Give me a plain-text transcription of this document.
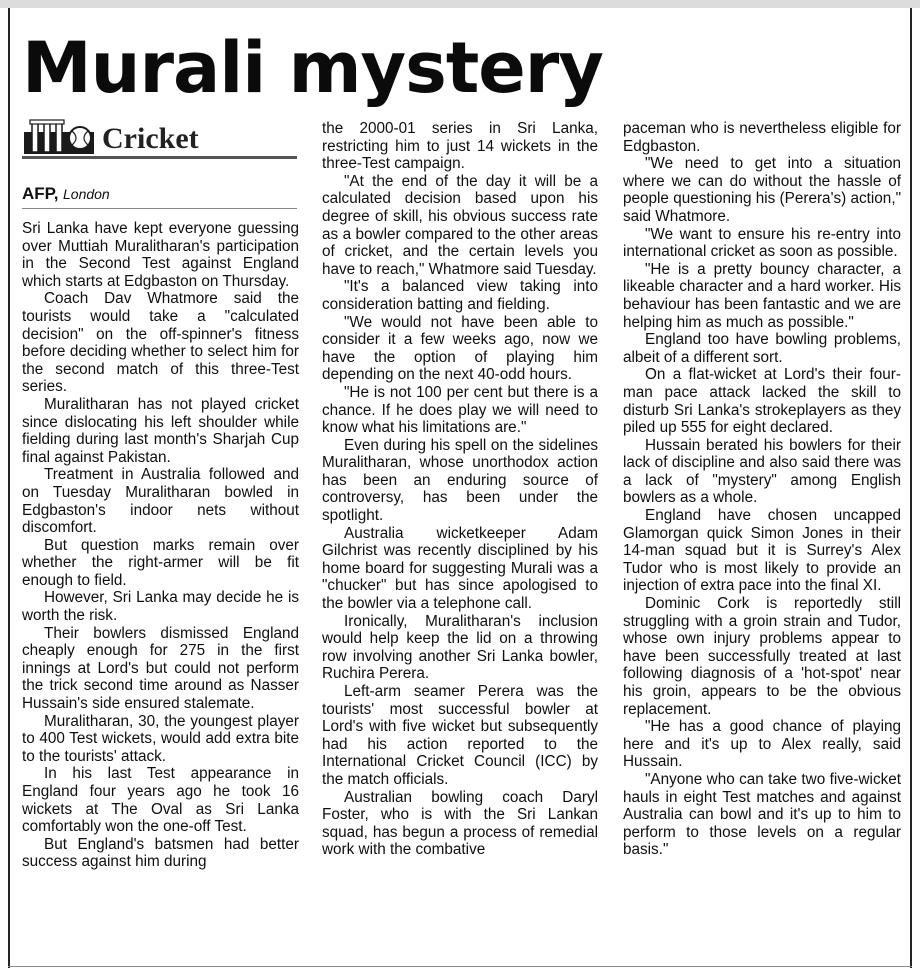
Murali mystery
Cricket
AFP, London

Sri Lanka have kept everyone guessing over Muttiah Muralitharan's participation in the Second Test against England which starts at Edgbaston on Thursday.

Coach Dav Whatmore said the tourists would take a "calculated decision" on the off-spinner's fitness before deciding whether to select him for the second match of this three-Test series.

Muralitharan has not played cricket since dislocating his left shoulder while fielding during last month's Sharjah Cup final against Pakistan.

Treatment in Australia followed and on Tuesday Muralitharan bowled in Edgbaston's indoor nets without discomfort.

But question marks remain over whether the right-armer will be fit enough to field.

However, Sri Lanka may decide he is worth the risk.

Their bowlers dismissed England cheaply enough for 275 in the first innings at Lord's but could not perform the trick second time around as Nasser Hussain's side ensured stalemate.

Muralitharan, 30, the youngest player to 400 Test wickets, would add extra bite to the tourists' attack.

In his last Test appearance in England four years ago he took 16 wickets at The Oval as Sri Lanka comfortably won the one-off Test.

But England's batsmen had better success against him during

the 2000-01 series in Sri Lanka, restricting him to just 14 wickets in the three-Test campaign.

"At the end of the day it will be a calculated decision based upon his degree of skill, his obvious success rate as a bowler compared to the other areas of cricket, and the certain levels you have to reach," Whatmore said Tuesday.

"It's a balanced view taking into consideration batting and fielding.

"We would not have been able to consider it a few weeks ago, now we have the option of playing him depending on the next 40-odd hours.

"He is not 100 per cent but there is a chance. If he does play we will need to know what his limitations are."

Even during his spell on the sidelines Muralitharan, whose unorthodox action has been an enduring source of controversy, has been under the spotlight.

Australia wicketkeeper Adam Gilchrist was recently disciplined by his home board for suggesting Murali was a "chucker" but has since apologised to the bowler via a telephone call.

Ironically, Muralitharan's inclusion would help keep the lid on a throwing row involving another Sri Lanka bowler, Ruchira Perera.

Left-arm seamer Perera was the tourists' most successful bowler at Lord's with five wicket but subsequently had his action reported to the International Cricket Council (ICC) by the match officials.

Australian bowling coach Daryl Foster, who is with the Sri Lankan squad, has begun a process of remedial work with the combative

paceman who is nevertheless eligible for Edgbaston.

"We need to get into a situation where we can do without the hassle of people questioning his (Perera's) action," said Whatmore.

"We want to ensure his re-entry into international cricket as soon as possible.

"He is a pretty bouncy character, a likeable character and a hard worker. His behaviour has been fantastic and we are helping him as much as possible."

England too have bowling problems, albeit of a different sort.

On a flat-wicket at Lord's their four-man pace attack lacked the skill to disturb Sri Lanka's strokeplayers as they piled up 555 for eight declared.

Hussain berated his bowlers for their lack of discipline and also said there was a lack of "mystery" among English bowlers as a whole.

England have chosen uncapped Glamorgan quick Simon Jones in their 14-man squad but it is Surrey's Alex Tudor who is most likely to provide an injection of extra pace into the final XI.

Dominic Cork is reportedly still struggling with a groin strain and Tudor, whose own injury problems appear to have been successfully treated at last following diagnosis of a 'hot-spot' near his groin, appears to be the obvious replacement.

"He has a good chance of playing here and it's up to Alex really, said Hussain.

"Anyone who can take two five-wicket hauls in eight Test matches and against Australia can bowl and it's up to him to perform to those levels on a regular basis."
